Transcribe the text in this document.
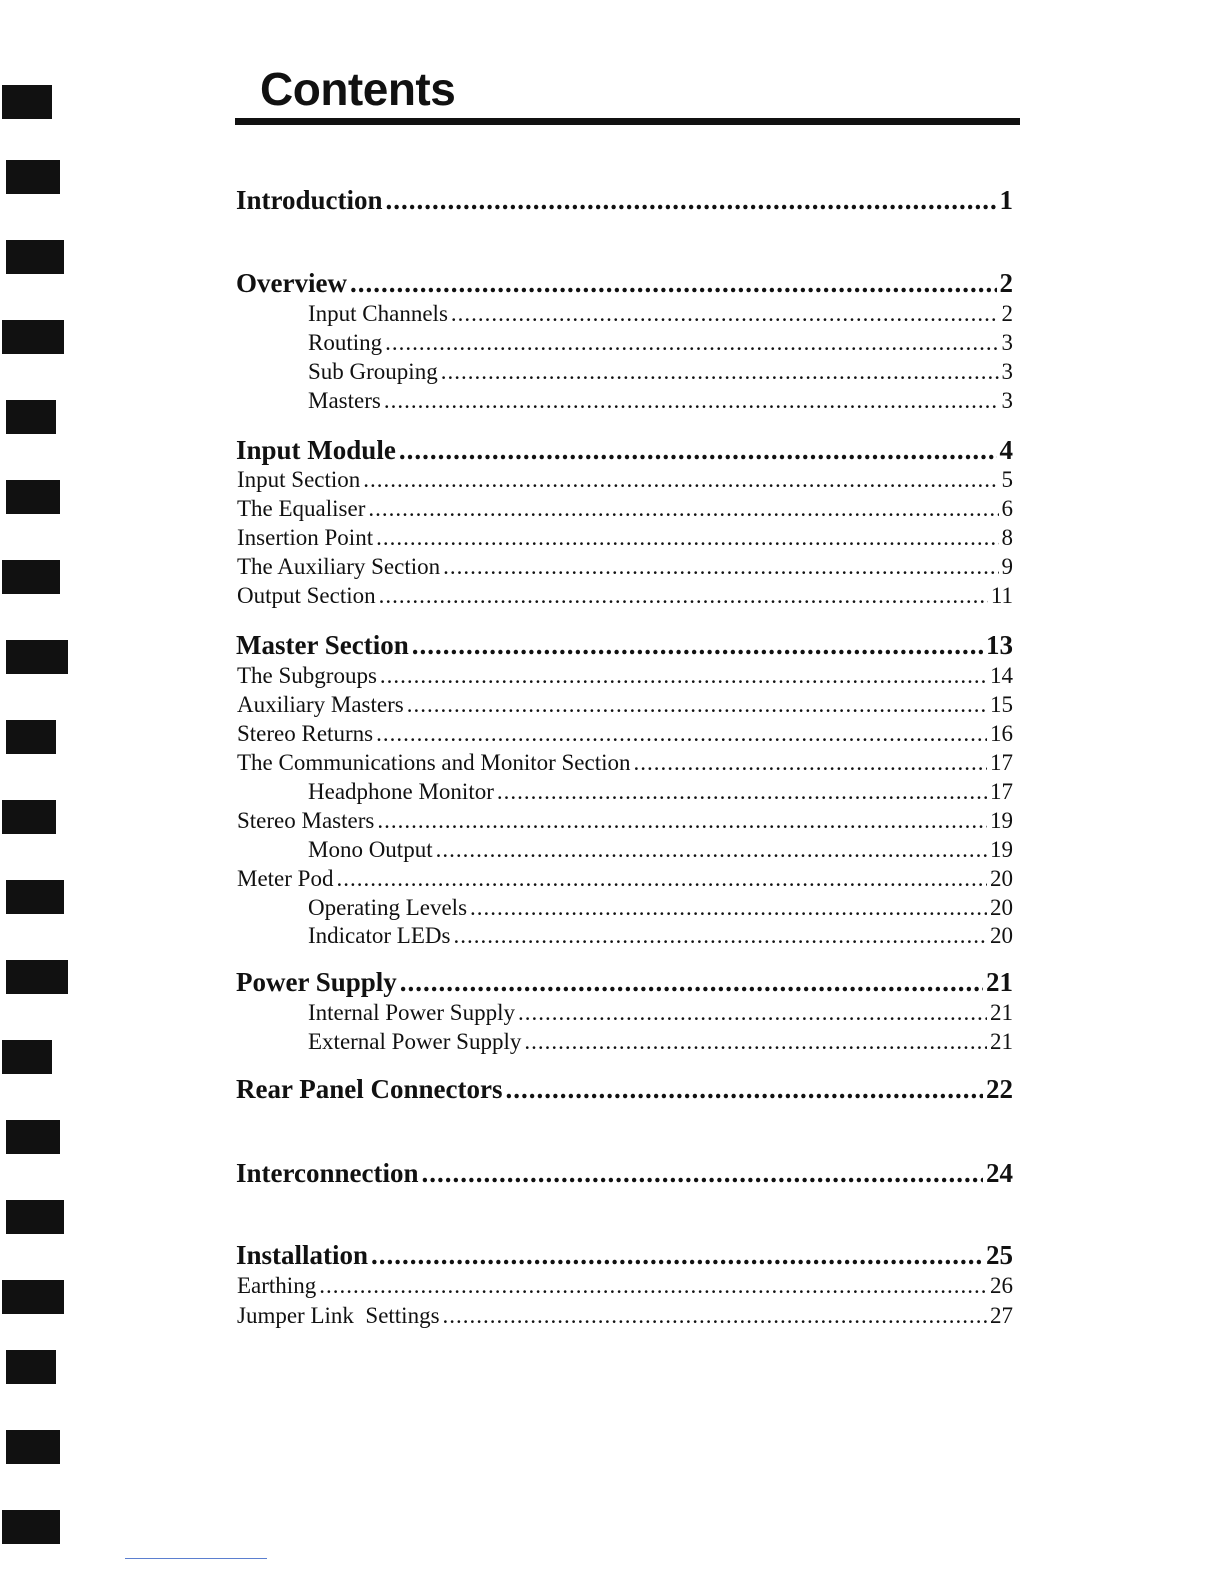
Contents
Introduction .....	1
Overview .....	2
Input Channels .....	2
Routing .....	3
Sub Grouping .....	3
Masters .....	3
Input Module .....	4
Input Section .....	5
The Equaliser .....	6
Insertion Point .....	8
The Auxiliary Section .....	9
Output Section .....	11
Master Section .....	13
The Subgroups .....	14
Auxiliary Masters .....	15
Stereo Returns .....	16
The Communications and Monitor Section .....	17
Headphone Monitor .....	17
Stereo Masters .....	19
Mono Output .....	19
Meter Pod .....	20
Operating Levels .....	20
Indicator LEDs .....	20
Power Supply .....	21
Internal Power Supply .....	21
External Power Supply .....	21
Rear Panel Connectors .....	22
Interconnection .....	24
Installation .....	25
Earthing .....	26
Jumper Link  Settings .....	27
